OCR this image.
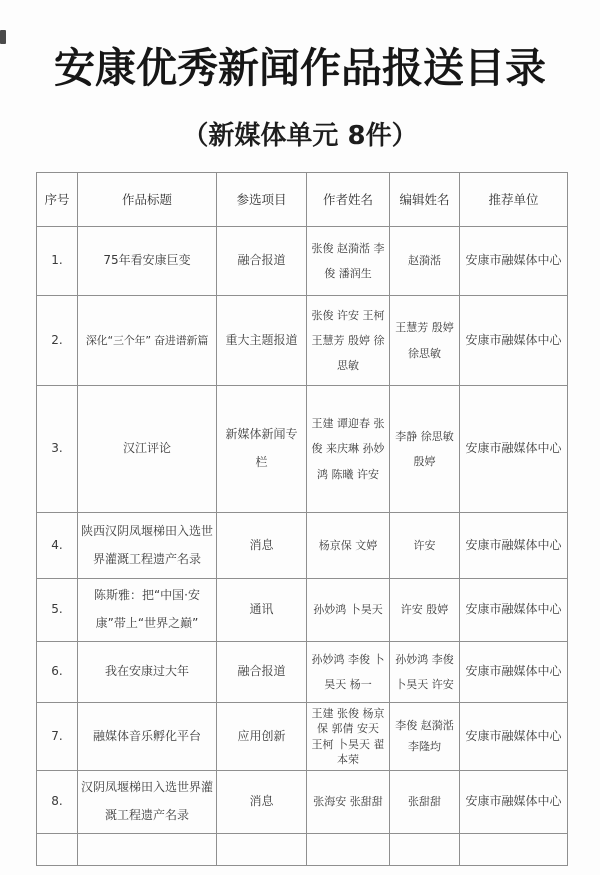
安康优秀新闻作品报送目录
（新媒体单元 8件）
序号	作品标题	参选项目	作者姓名	编辑姓名	推荐单位
1.	75年看安康巨变	融合报道	张俊 赵漪湉 李俊 潘润生	赵漪湉	安康市融媒体中心
2.	深化“三个年” 奋进谱新篇	重大主题报道	张俊 许安 王柯 王慧芳 殷婷 徐思敏	王慧芳 殷婷 徐思敏	安康市融媒体中心
3.	汉江评论	新媒体新闻专栏	王建 谭迎春 张俊 来庆琳 孙妙鸿 陈曦 许安	李静 徐思敏 殷婷	安康市融媒体中心
4.	陕西汉阴凤堰梯田入选世界灌溉工程遗产名录	消息	杨京保 文婷	许安	安康市融媒体中心
5.	陈斯雅：把“中国·安康”带上“世界之巅”	通讯	孙妙鸿 卜昊天	许安 殷婷	安康市融媒体中心
6.	我在安康过大年	融合报道	孙妙鸿 李俊 卜昊天 杨一	孙妙鸿 李俊 卜昊天 许安	安康市融媒体中心
7.	融媒体音乐孵化平台	应用创新	王建 张俊 杨京保 郭倩 安天 王柯 卜昊天 翟本荣	李俊 赵漪湉 李隆均	安康市融媒体中心
8.	汉阴凤堰梯田入选世界灌溉工程遗产名录	消息	张海安 张甜甜	张甜甜	安康市融媒体中心
